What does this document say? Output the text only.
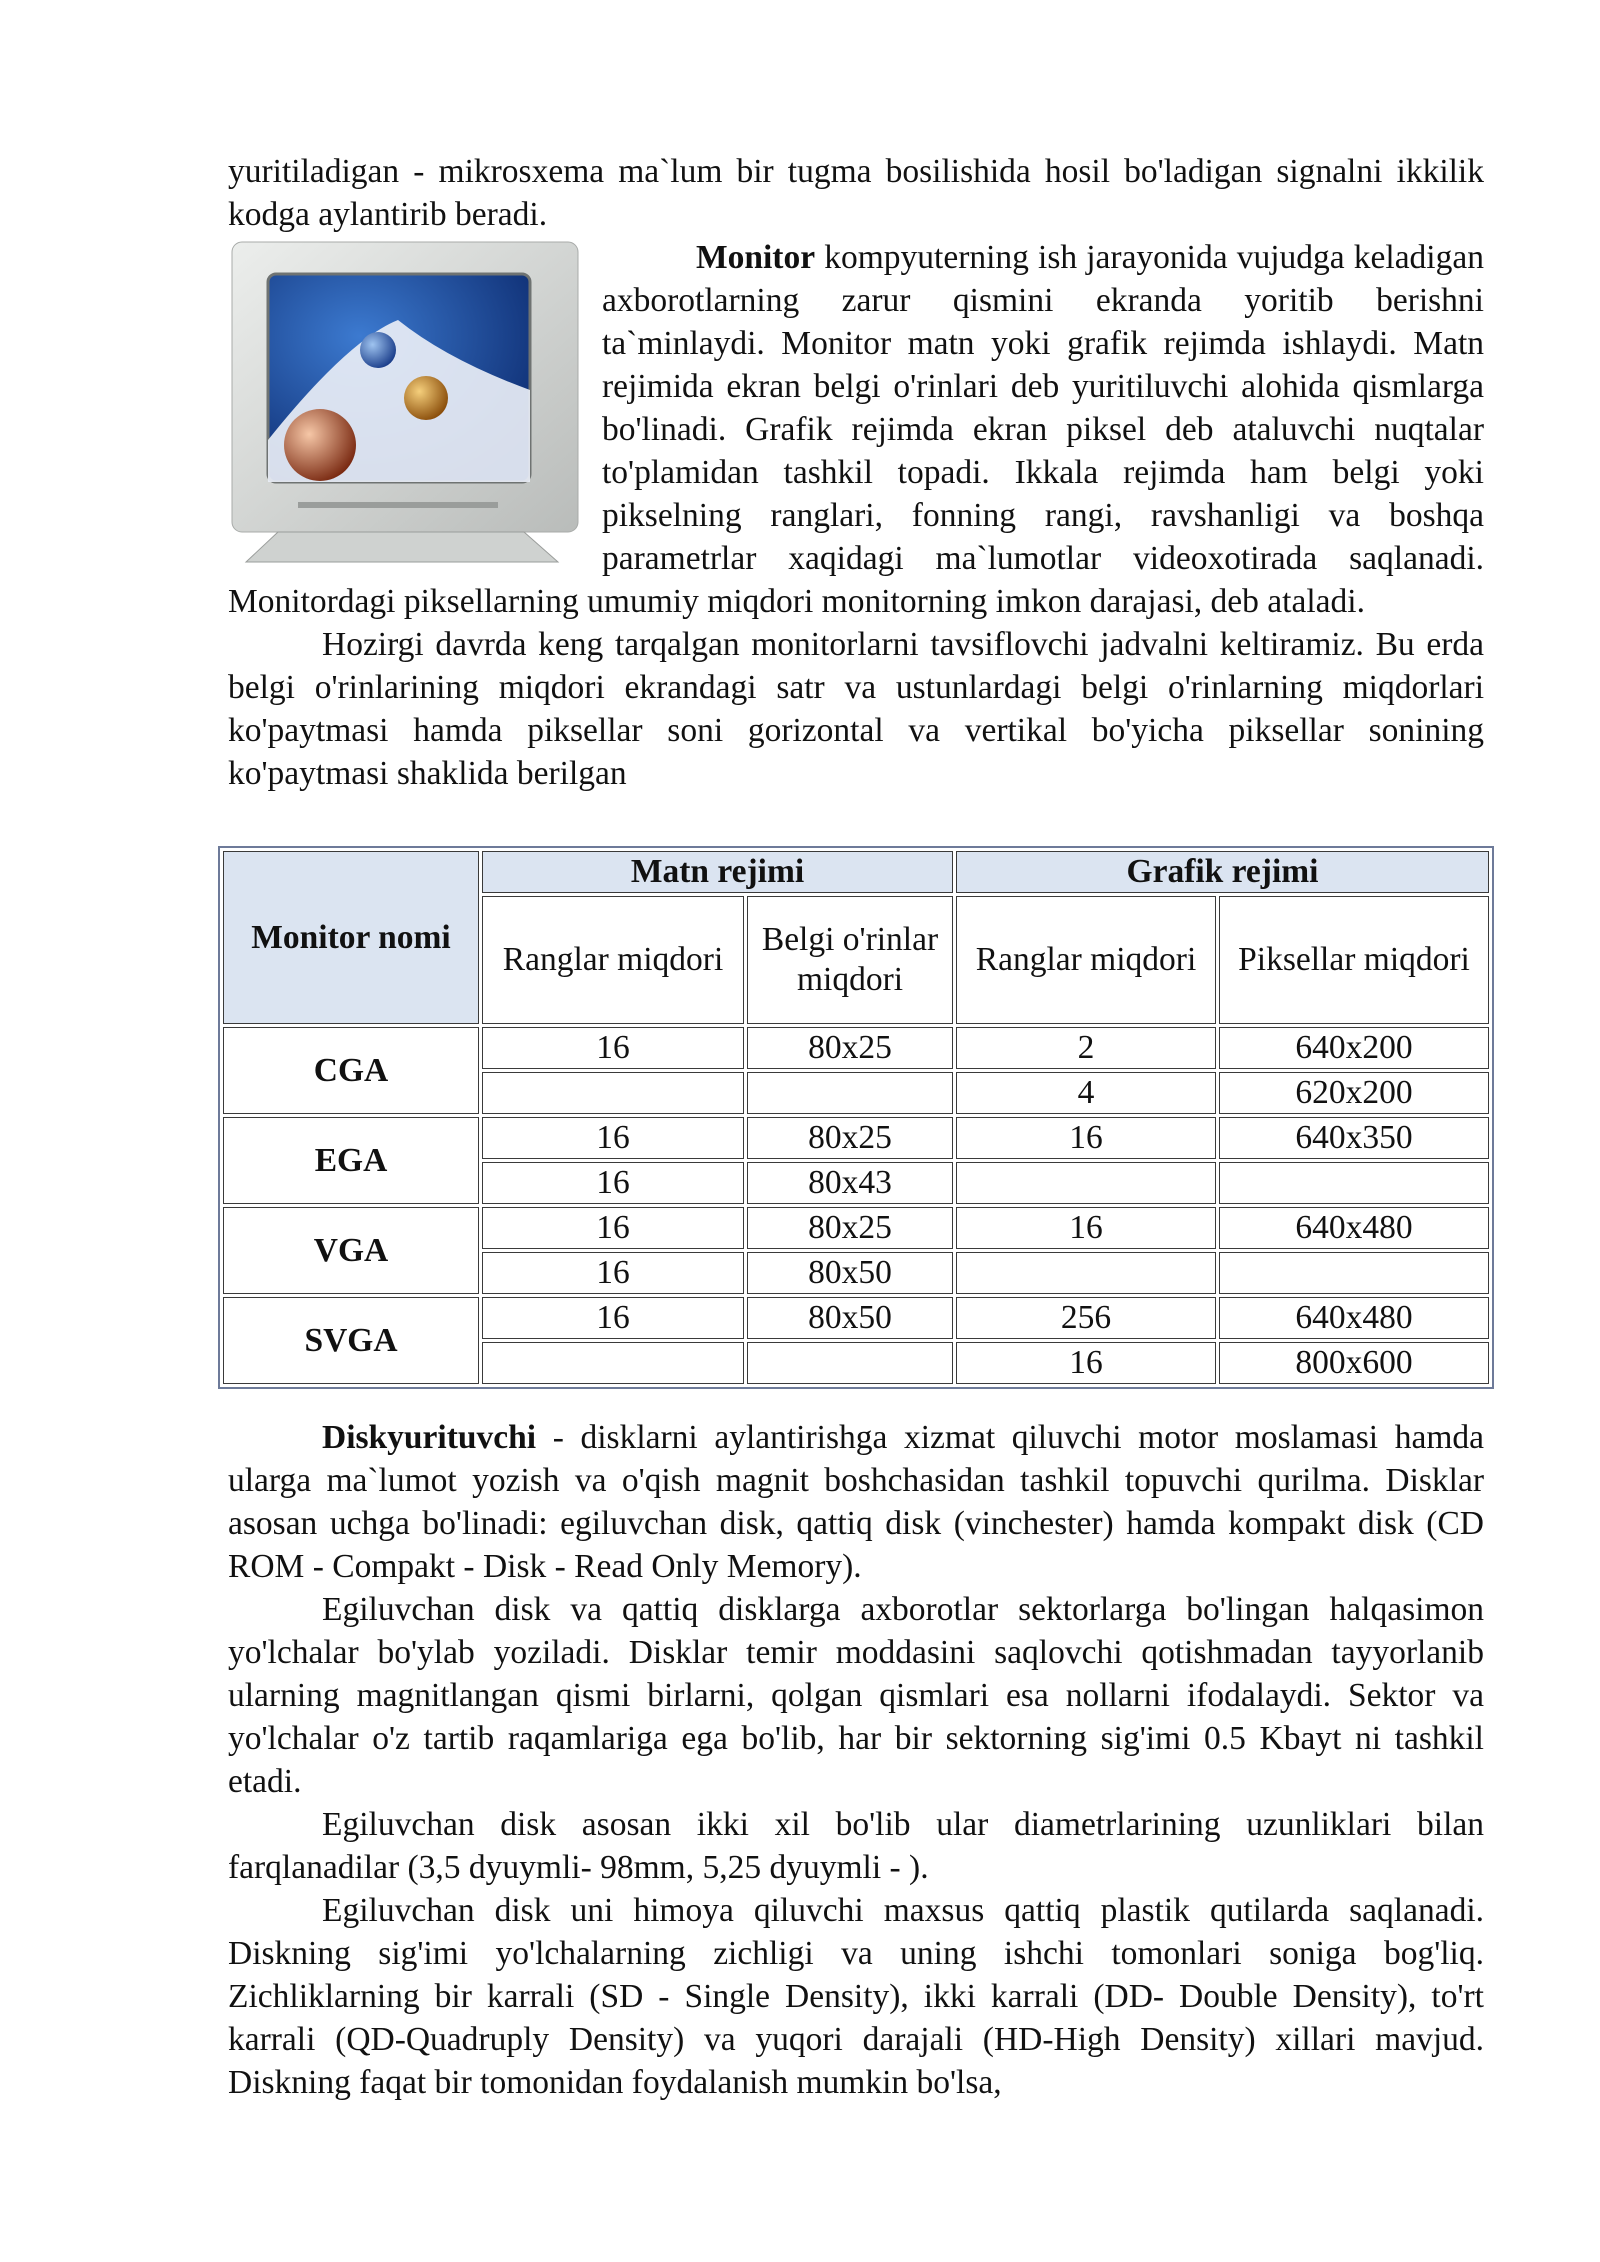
yuritiladigan - mikrosxema ma`lum bir tugma bosilishida hosil bo'ladigan signalni ikkilik kodga aylantirib beradi.

Monitor kompyuterning ish jarayonida vujudga keladigan axborotlarning zarur qismini ekranda yoritib berishni ta`minlaydi. Monitor matn yoki grafik rejimda ishlaydi. Matn rejimida ekran belgi o'rinlari deb yuritiluvchi alohida qismlarga bo'linadi. Grafik rejimda ekran piksel deb ataluvchi nuqtalar to'plamidan tashkil topadi. Ikkala rejimda ham belgi yoki pikselning ranglari, fonning rangi, ravshanligi va boshqa parametrlar xaqidagi ma`lumotlar videoxotirada saqlanadi. Monitordagi piksellarning umumiy miqdori monitorning imkon darajasi, deb ataladi.

Hozirgi davrda keng tarqalgan monitorlarni tavsiflovchi jadvalni keltiramiz. Bu erda belgi o'rinlarining miqdori ekrandagi satr va ustunlardagi belgi o'rinlarning miqdorlari ko'paytmasi hamda piksellar soni gorizontal va vertikal bo'yicha piksellar sonining ko'paytmasi shaklida berilgan

Monitor nomi	Matn rejimi		Grafik rejimi	
	Ranglar miqdori	Belgi o'rinlar miqdori	Ranglar miqdori	Piksellar miqdori
CGA	16	80x25	2	640x200
			4	620x200
EGA	16	80x25	16	640x350
	16	80x43		
VGA	16	80x25	16	640x480
	16	80x50		
SVGA	16	80x50	256	640x480
			16	800x600

Diskyurituvchi - disklarni aylantirishga xizmat qiluvchi motor moslamasi hamda ularga ma`lumot yozish va o'qish magnit boshchasidan tashkil topuvchi qurilma. Disklar asosan uchga bo'linadi: egiluvchan disk, qattiq disk (vinchester) hamda kompakt disk (CD ROM - Compakt - Disk - Read Only Memory).

Egiluvchan disk va qattiq disklarga axborotlar sektorlarga bo'lingan halqasimon yo'lchalar bo'ylab yoziladi. Disklar temir moddasini saqlovchi qotishmadan tayyorlanib ularning magnitlangan qismi birlarni, qolgan qismlari esa nollarni ifodalaydi. Sektor va yo'lchalar o'z tartib raqamlariga ega bo'lib, har bir sektorning sig'imi 0.5 Kbayt ni tashkil etadi.

Egiluvchan disk asosan ikki xil bo'lib ular diametrlarining uzunliklari bilan farqlanadilar (3,5 dyuymli- 98mm, 5,25 dyuymli - ).

Egiluvchan disk uni himoya qiluvchi maxsus qattiq plastik qutilarda saqlanadi. Diskning sig'imi yo'lchalarning zichligi va uning ishchi tomonlari soniga bog'liq. Zichliklarning bir karrali (SD - Single Density), ikki karrali (DD- Double Density), to'rt karrali (QD-Quadruply Density) va yuqori darajali (HD-High Density) xillari mavjud. Diskning faqat bir tomonidan foydalanish mumkin bo'lsa,
